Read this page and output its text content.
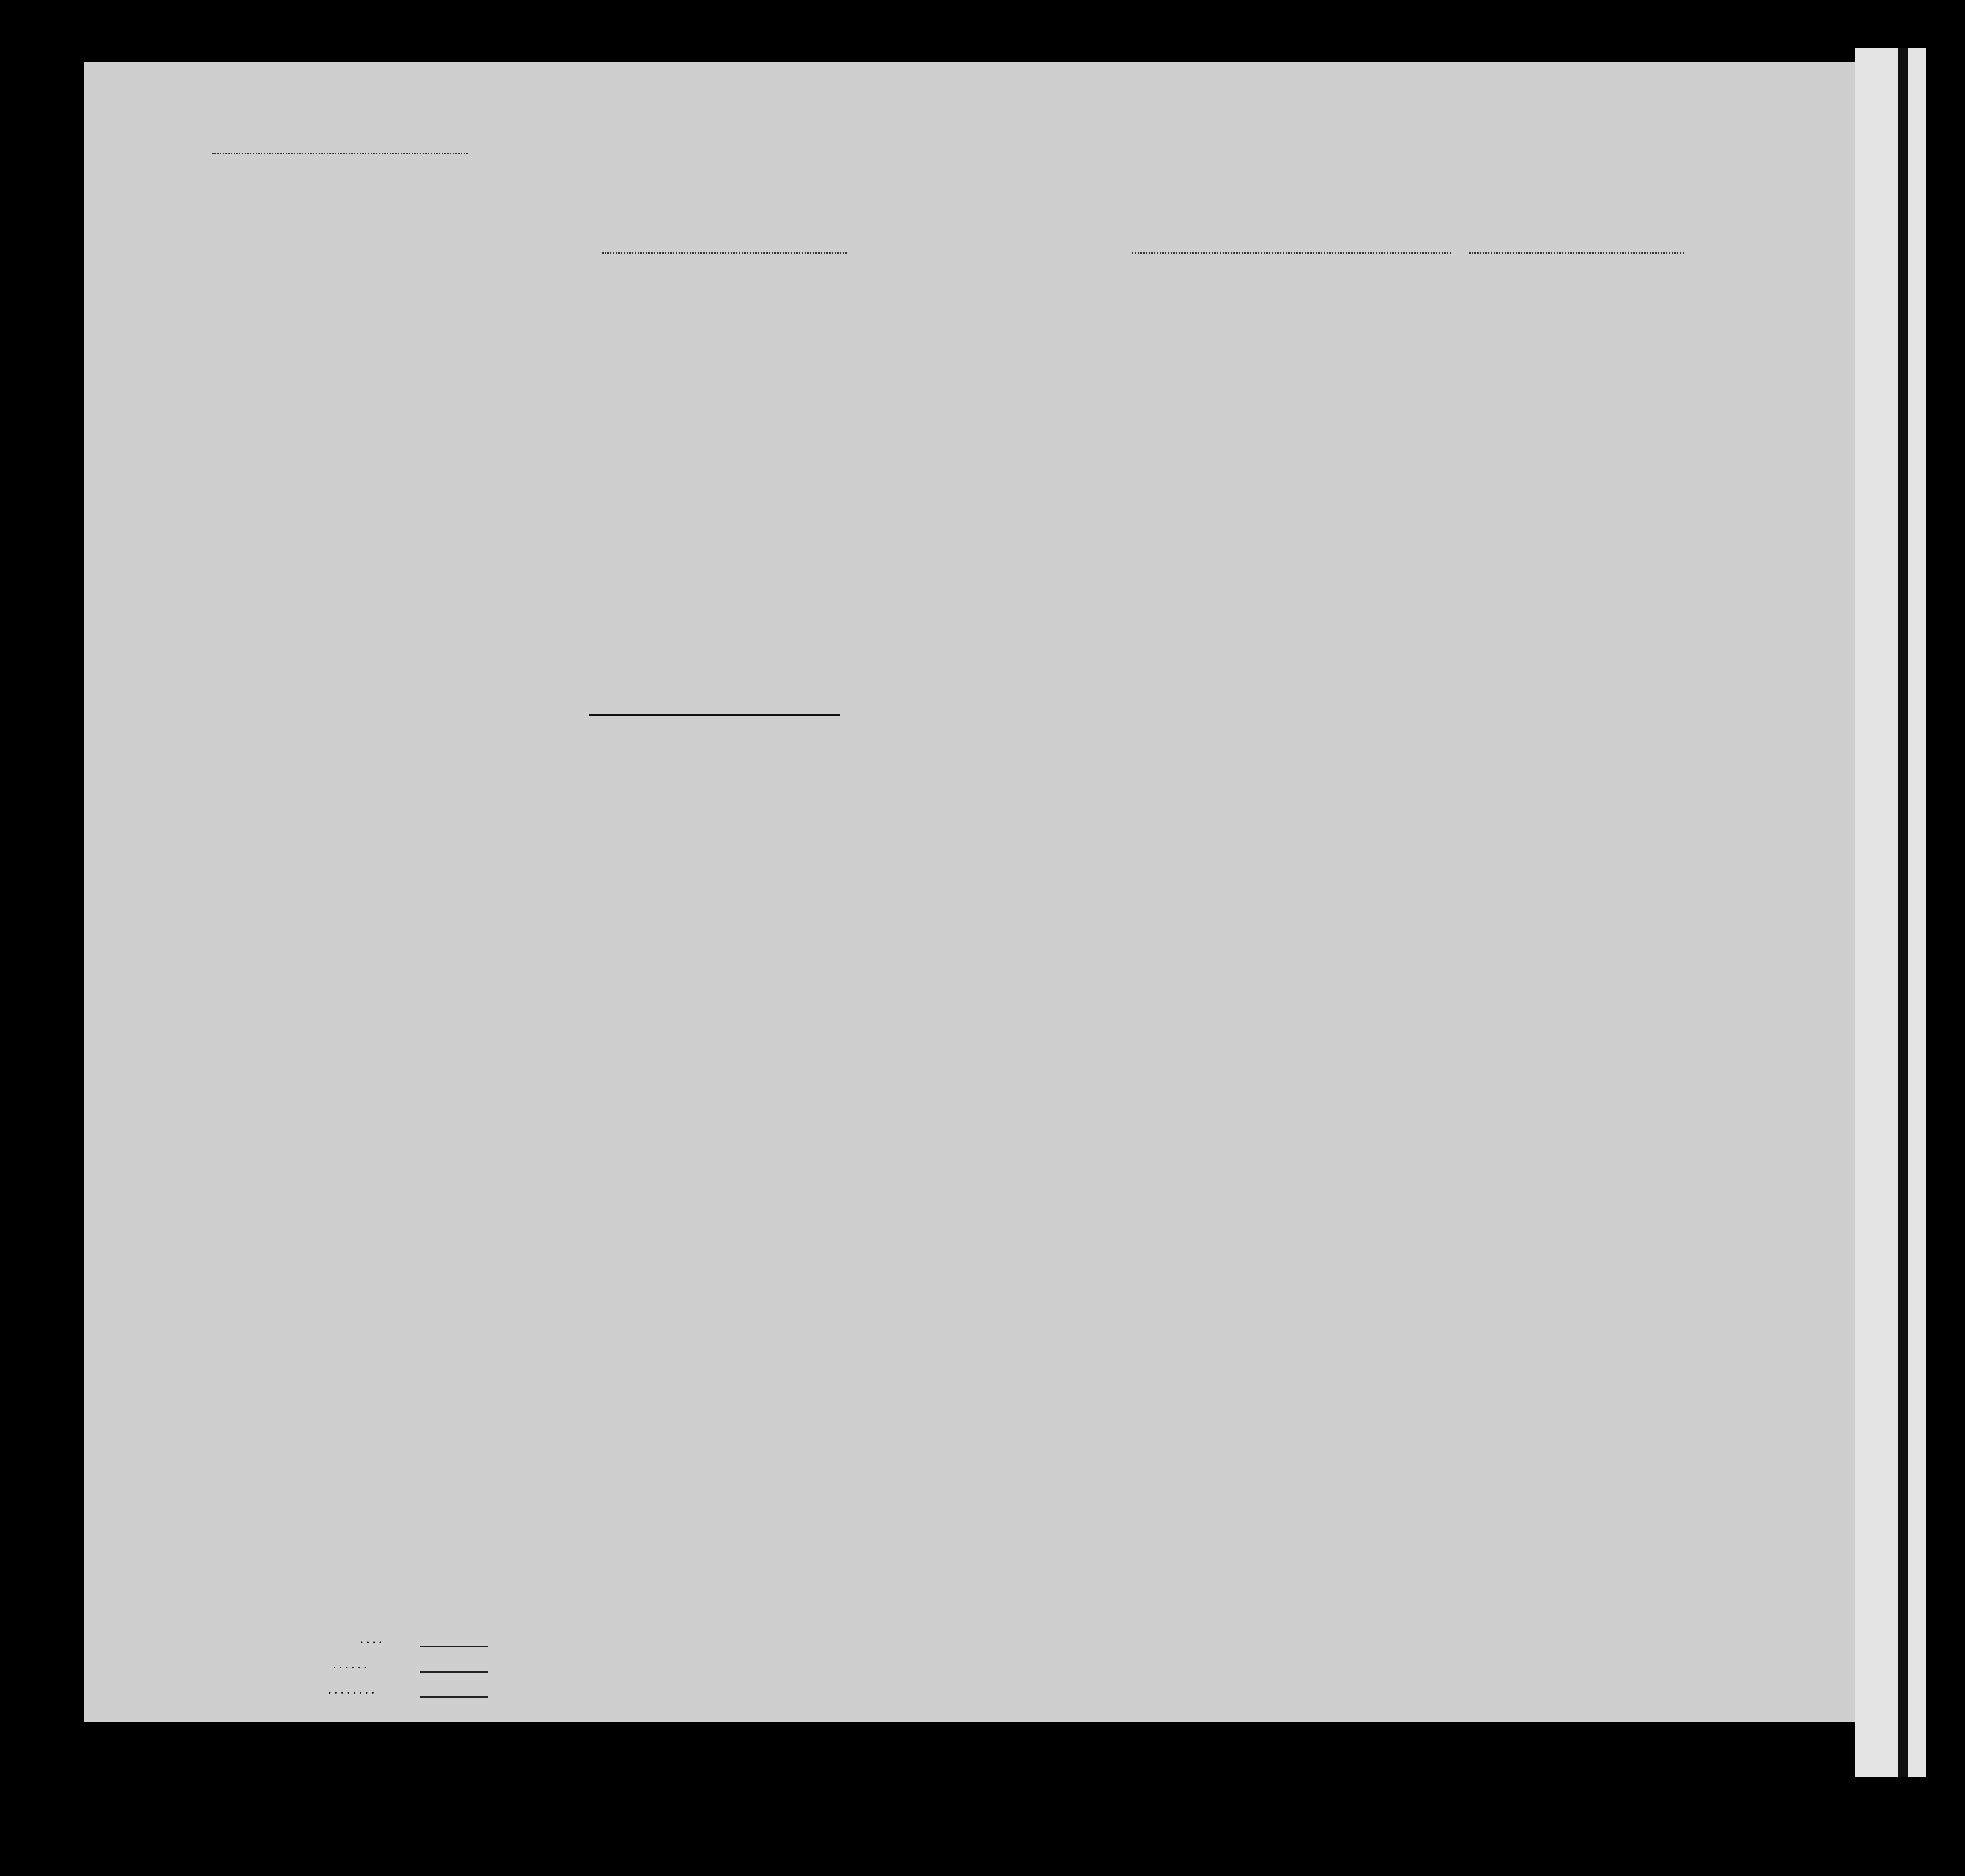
....
......
........
